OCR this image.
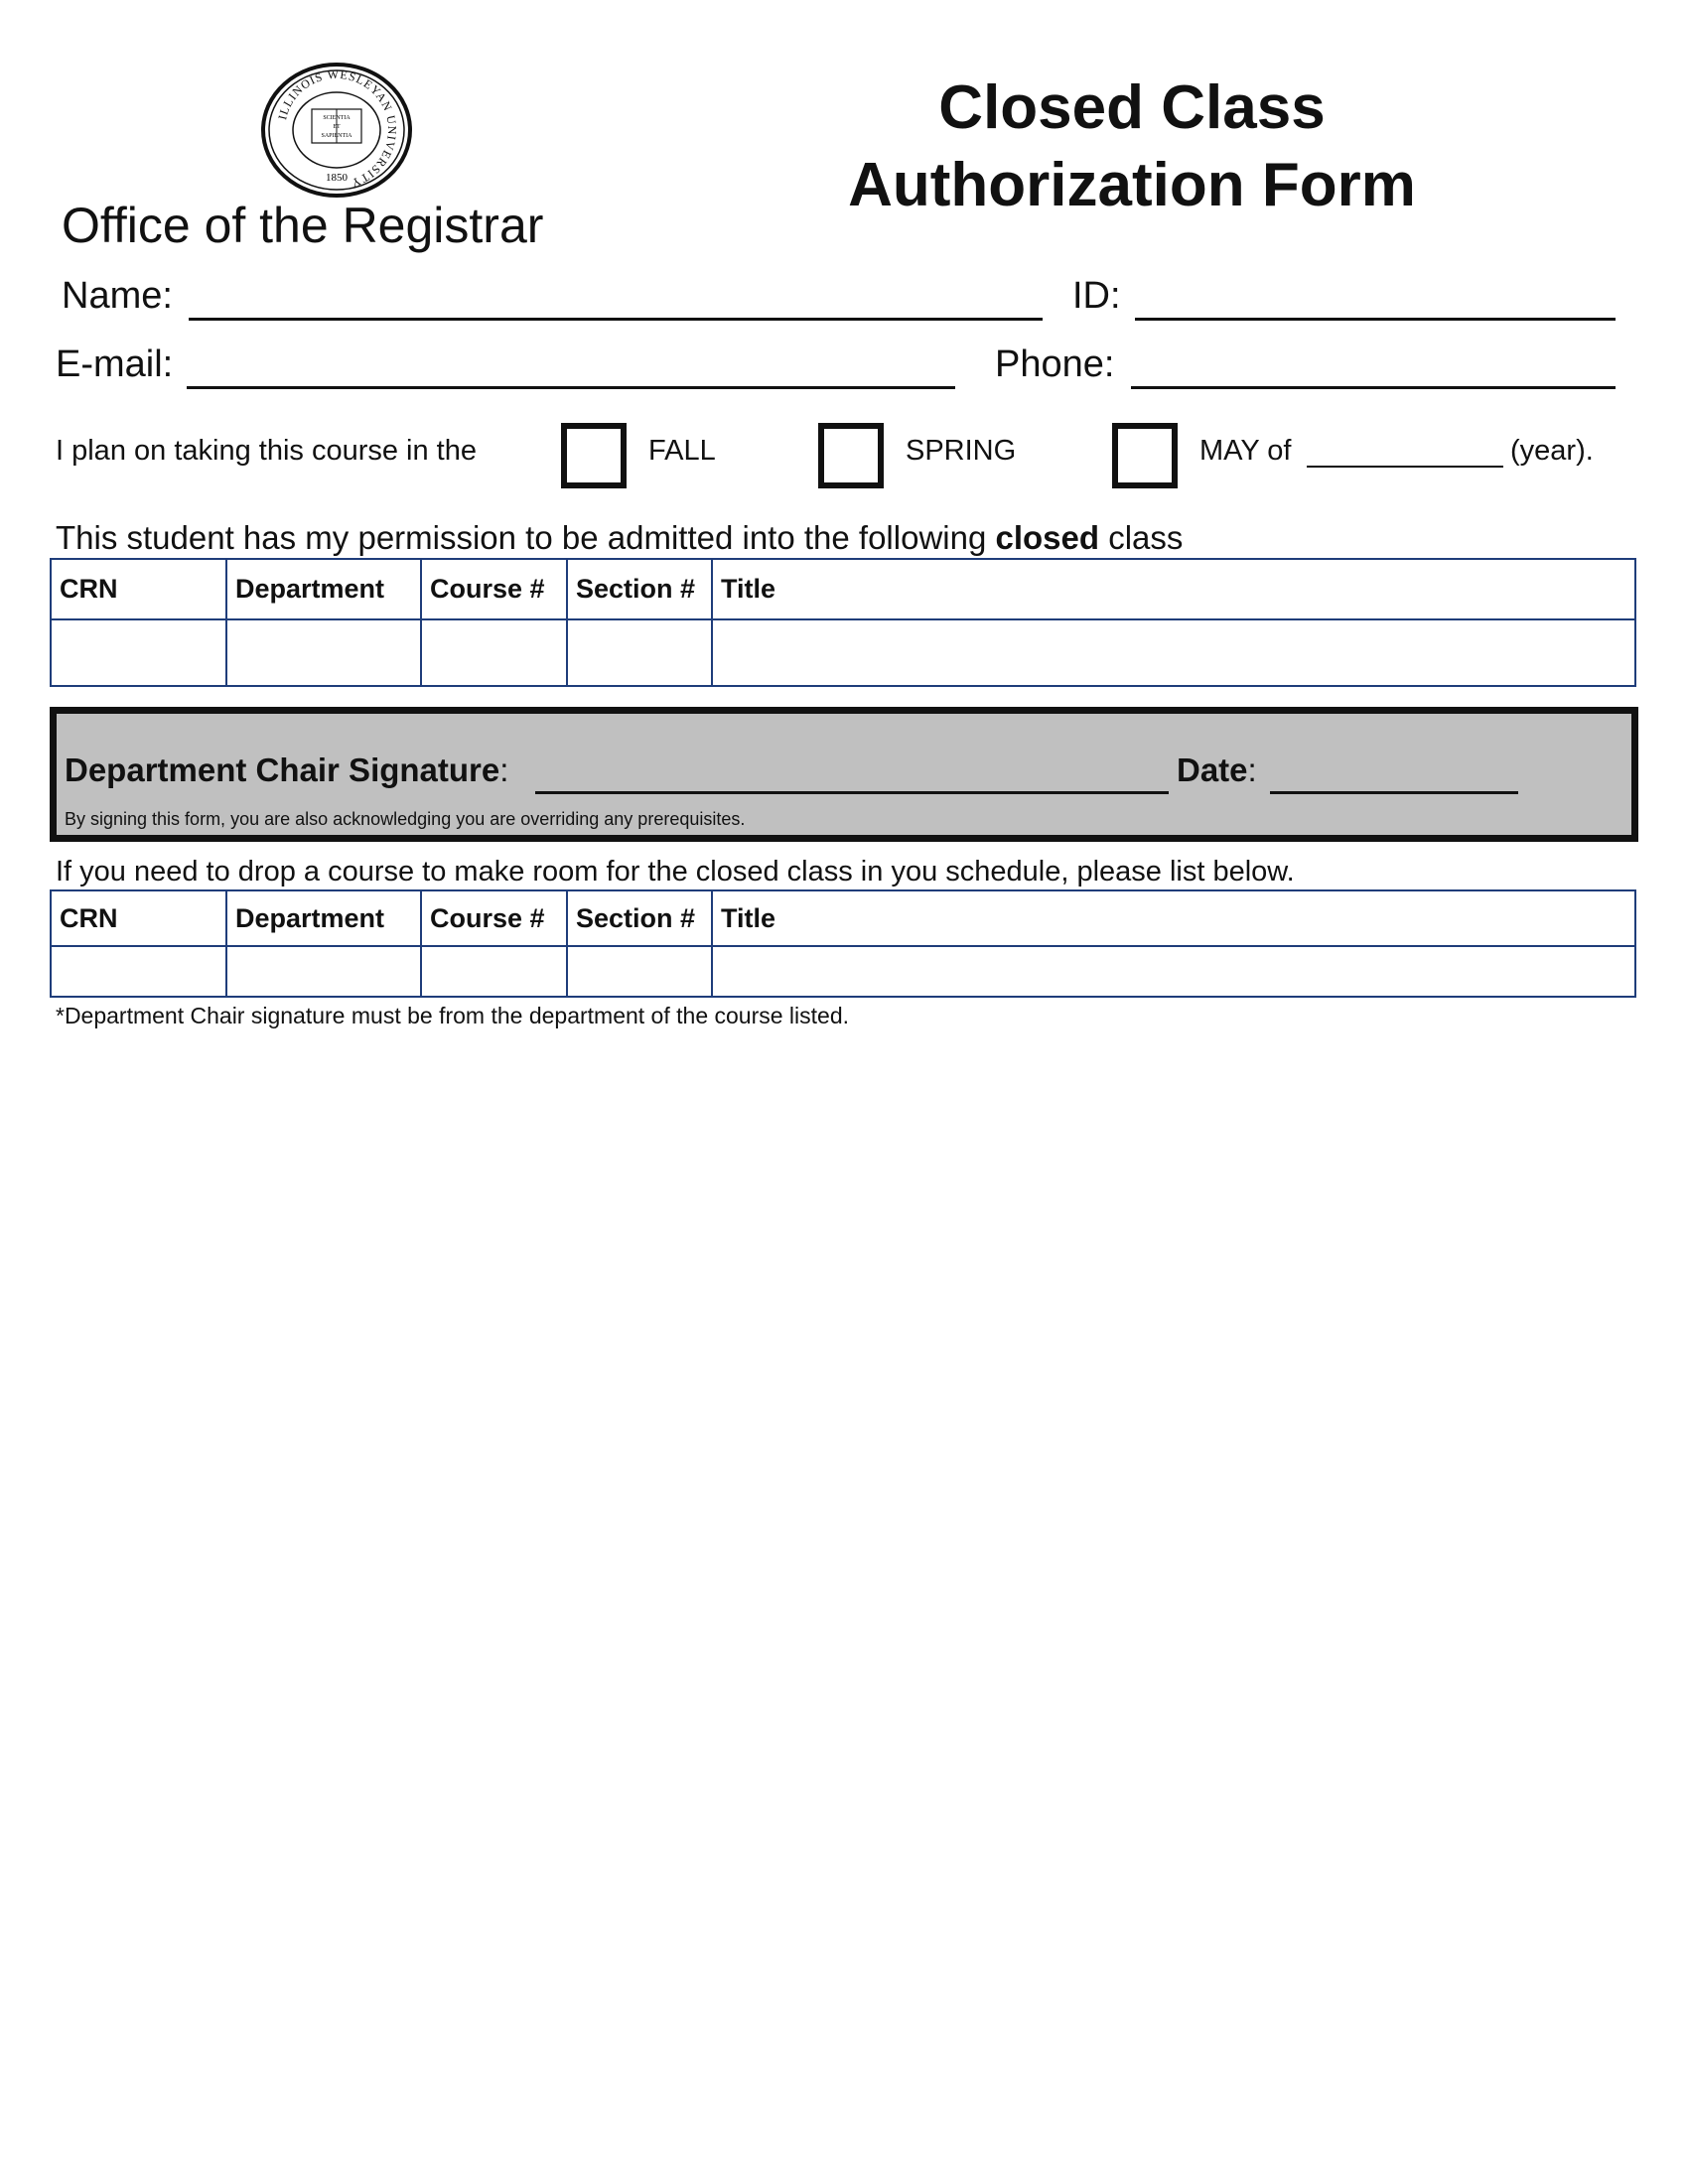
ILLINOIS WESLEYAN UNIVERSITY
SCIENTIA
ET
SAPIENTIA
1850
Office of the Registrar
Closed Class
Authorization Form
Name:	ID:
E-mail:	Phone:
I plan on taking this course in the	FALL	SPRING	MAY of	(year).
This student has my permission to be admitted into the following closed class
CRN	Department	Course #	Section #	Title

Department Chair Signature:	Date:
By signing this form, you are also acknowledging you are overriding any prerequisites.
If you need to drop a course to make room for the closed class in you schedule, please list below.
CRN	Department	Course #	Section #	Title

*Department Chair signature must be from the department of the course listed.
